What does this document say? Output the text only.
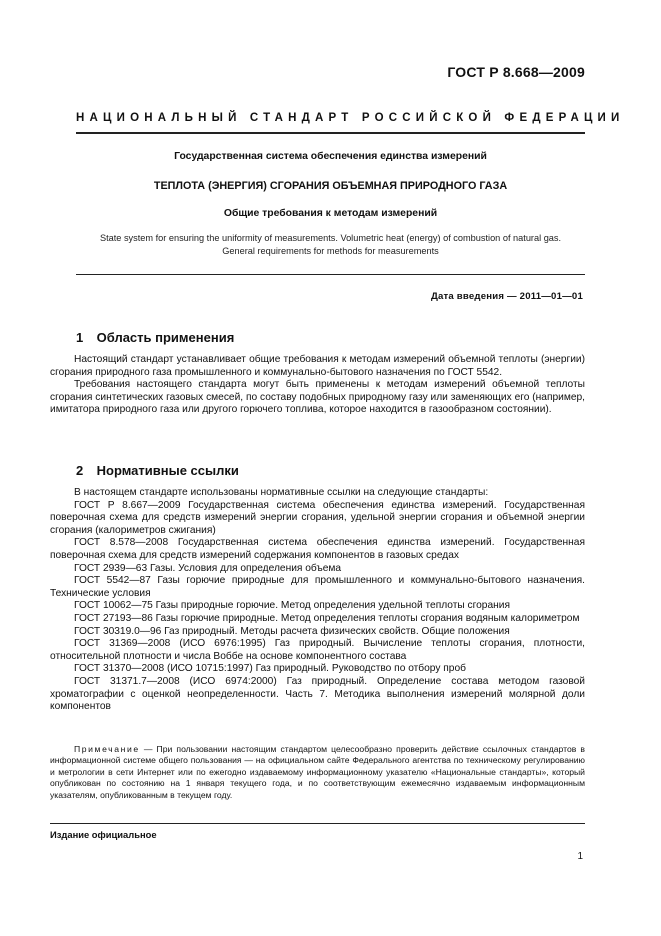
ГОСТ Р 8.668—2009
НАЦИОНАЛЬНЫЙ СТАНДАРТ РОССИЙСКОЙ ФЕДЕРАЦИИ
Государственная система обеспечения единства измерений
ТЕПЛОТА (ЭНЕРГИЯ) СГОРАНИЯ ОБЪЕМНАЯ ПРИРОДНОГО ГАЗА
Общие требования к методам измерений
State system for ensuring the uniformity of measurements. Volumetric heat (energy) of combustion of natural gas.
General requirements for methods for measurements
Дата введения — 2011—01—01
1 Область применения

Настоящий стандарт устанавливает общие требования к методам измерений объемной теплоты (энергии) сгорания природного газа промышленного и коммунально-бытового назначения по ГОСТ 5542.

Требования настоящего стандарта могут быть применены к методам измерений объемной теплоты сгорания синтетических газовых смесей, по составу подобных природному газу или заменяющих его (например, имитатора природного газа или другого горючего топлива, которое находится в газообразном состоянии).

2 Нормативные ссылки

В настоящем стандарте использованы нормативные ссылки на следующие стандарты:

ГОСТ Р 8.667—2009 Государственная система обеспечения единства измерений. Государственная поверочная схема для средств измерений энергии сгорания, удельной энергии сгорания и объемной энергии сгорания (калориметров сжигания)

ГОСТ 8.578—2008 Государственная система обеспечения единства измерений. Государственная поверочная схема для средств измерений содержания компонентов в газовых средах

ГОСТ 2939—63 Газы. Условия для определения объема

ГОСТ 5542—87 Газы горючие природные для промышленного и коммунально-бытового назначения. Технические условия

ГОСТ 10062—75 Газы природные горючие. Метод определения удельной теплоты сгорания

ГОСТ 27193—86 Газы горючие природные. Метод определения теплоты сгорания водяным калориметром

ГОСТ 30319.0—96 Газ природный. Методы расчета физических свойств. Общие положения

ГОСТ 31369—2008 (ИСО 6976:1995) Газ природный. Вычисление теплоты сгорания, плотности, относительной плотности и числа Воббе на основе компонентного состава

ГОСТ 31370—2008 (ИСО 10715:1997) Газ природный. Руководство по отбору проб

ГОСТ 31371.7—2008 (ИСО 6974:2000) Газ природный. Определение состава методом газовой хроматографии с оценкой неопределенности. Часть 7. Методика выполнения измерений молярной доли компонентов

Примечание — При пользовании настоящим стандартом целесообразно проверить действие ссылочных стандартов в информационной системе общего пользования — на официальном сайте Федерального агентства по техническому регулированию и метрологии в сети Интернет или по ежегодно издаваемому информационному указателю «Национальные стандарты», который опубликован по состоянию на 1 января текущего года, и по соответствующим ежемесячно издаваемым информационным указателям, опубликованным в текущем году.

Издание официальное
1
